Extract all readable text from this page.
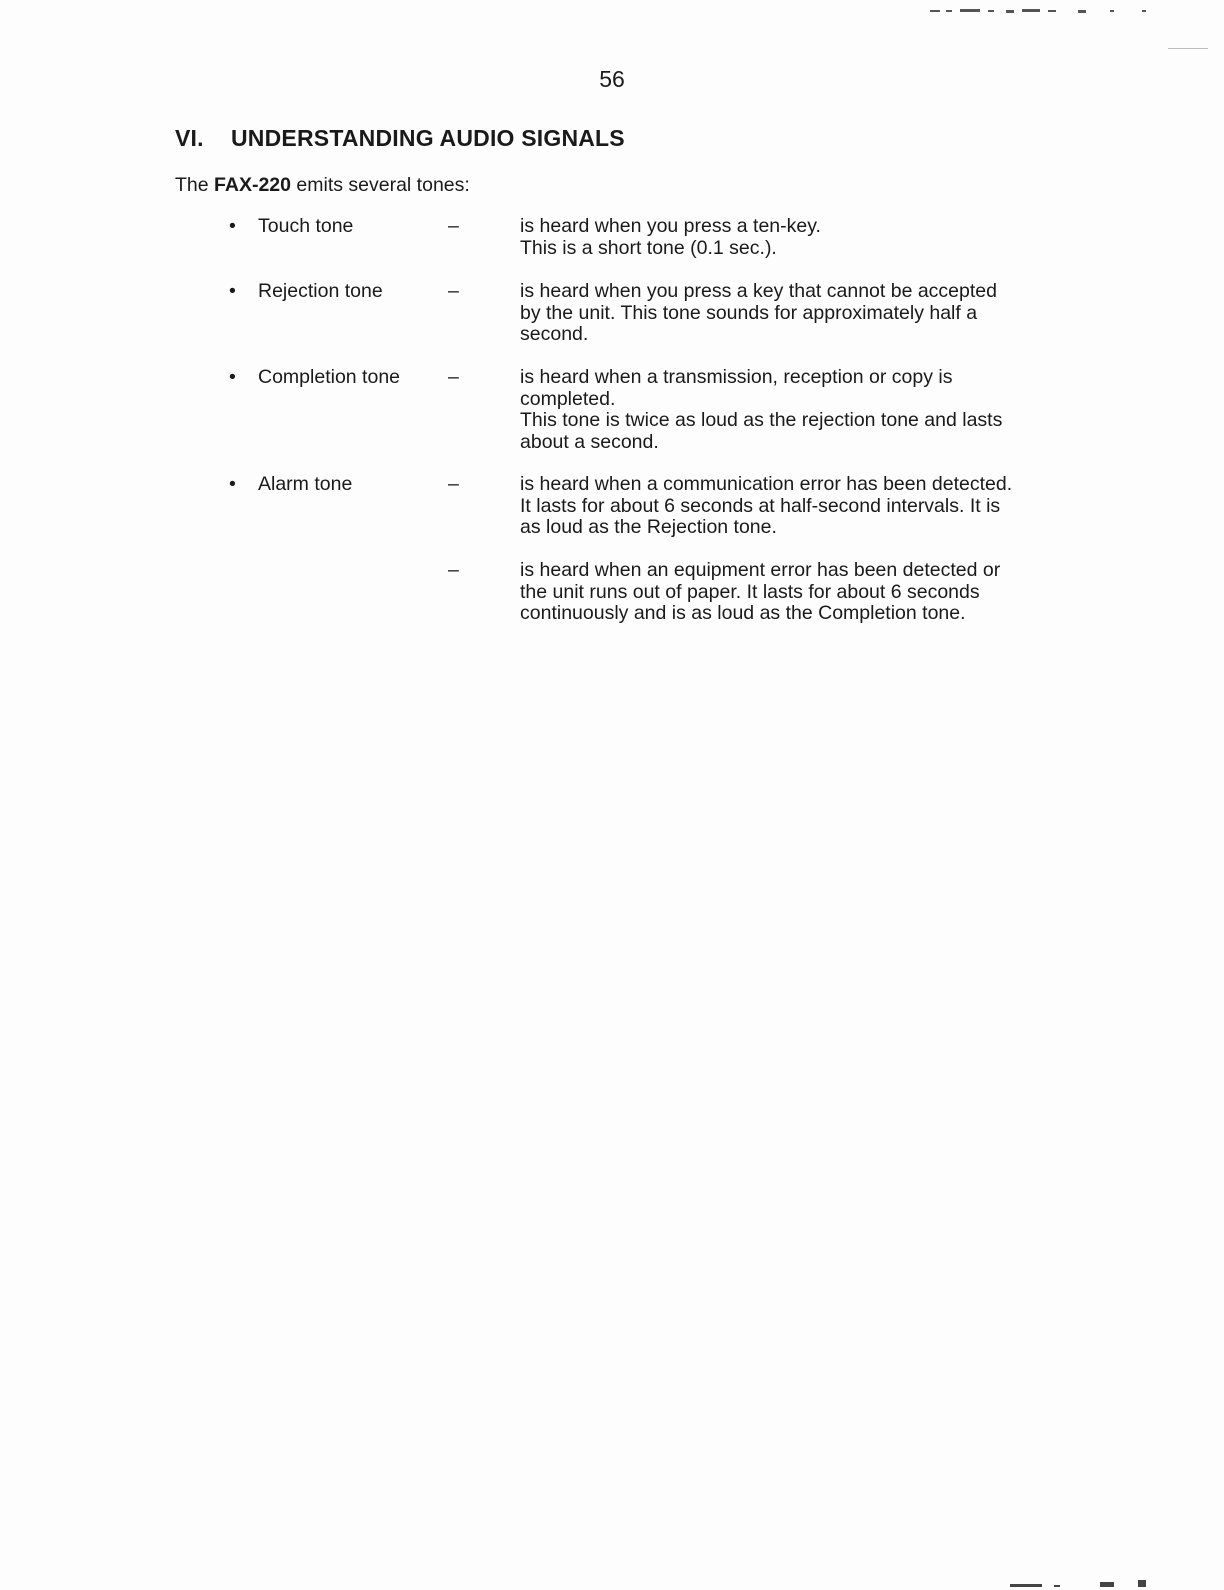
56
VI. UNDERSTANDING AUDIO SIGNALS
The FAX-220 emits several tones:
• Touch tone	–	is heard when you press a ten-key.
This is a short tone (0.1 sec.).
• Rejection tone	–	is heard when you press a key that cannot be accepted
by the unit. This tone sounds for approximately half a
second.
• Completion tone –	is heard when a transmission, reception or copy is
completed.
This tone is twice as loud as the rejection tone and lasts
about a second.
• Alarm tone	–	is heard when a communication error has been detected.
It lasts for about 6 seconds at half-second intervals. It is
as loud as the Rejection tone.
–	is heard when an equipment error has been detected or
the unit runs out of paper. It lasts for about 6 seconds
continuously and is as loud as the Completion tone.
